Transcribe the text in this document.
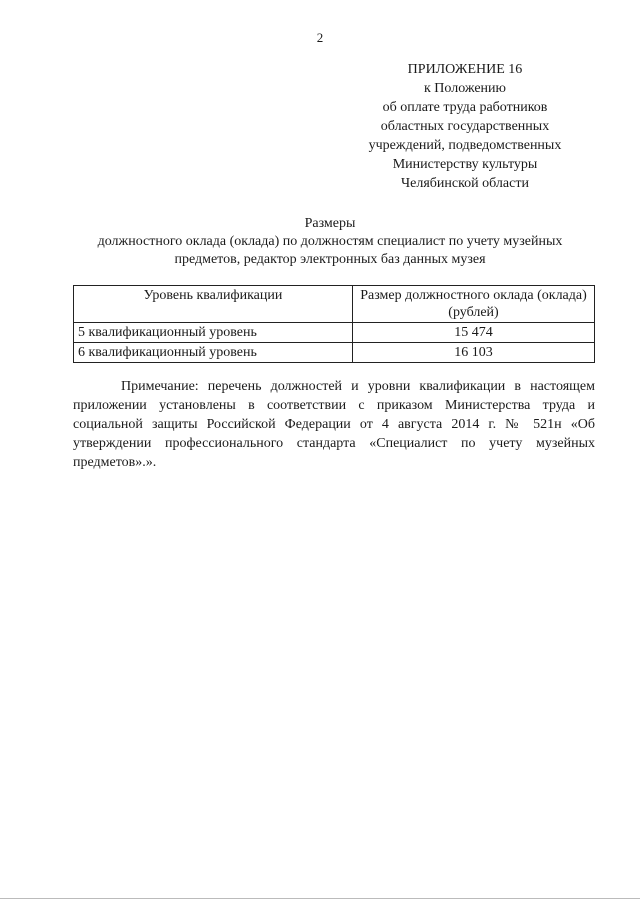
2
ПРИЛОЖЕНИЕ 16
к Положению
об оплате труда работников
областных государственных
учреждений, подведомственных
Министерству культуры
Челябинской области
Размеры
должностного оклада (оклада) по должностям специалист по учету музейных
предметов, редактор электронных баз данных музея
Уровень квалификации	Размер должностного оклада (оклада) (рублей)
5 квалификационный уровень	15 474
6 квалификационный уровень	16 103
Примечание: перечень должностей и уровни квалификации в настоящем приложении установлены в соответствии с приказом Министерства труда и социальной защиты Российской Федерации от 4 августа 2014 г. № 521н «Об утверждении профессионального стандарта «Специалист по учету музейных предметов».».
